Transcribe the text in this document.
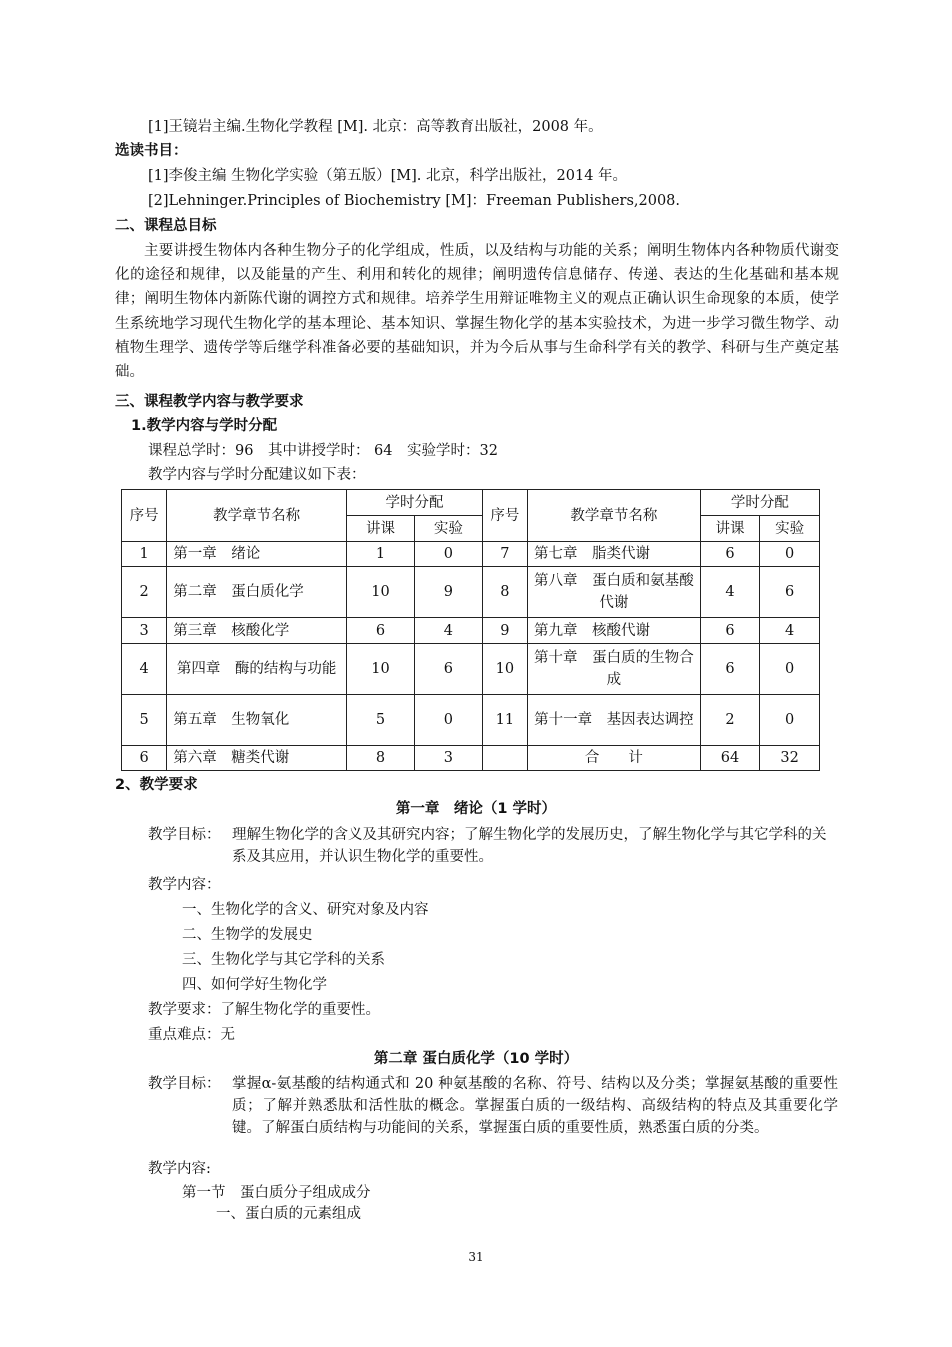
[1]王镜岩主编.生物化学教程 [M]. 北京：高等教育出版社，2008 年。
选读书目：
[1]李俊主编 生物化学实验（第五版）[M]. 北京，科学出版社，2014 年。
[2]Lehninger.Principles of Biochemistry [M]：Freeman Publishers,2008.
二、课程总目标
主要讲授生物体内各种生物分子的化学组成，性质，以及结构与功能的关系；阐明生物体内各种物质代谢变化的途径和规律，以及能量的产生、利用和转化的规律；阐明遗传信息储存、传递、表达的生化基础和基本规律；阐明生物体内新陈代谢的调控方式和规律。培养学生用辩证唯物主义的观点正确认识生命现象的本质，使学生系统地学习现代生物化学的基本理论、基本知识、掌握生物化学的基本实验技术，为进一步学习微生物学、动植物生理学、遗传学等后继学科准备必要的基础知识，并为今后从事与生命科学有关的教学、科研与生产奠定基础。
三、课程教学内容与教学要求
1.教学内容与学时分配
课程总学时：96　其中讲授学时： 64　实验学时：32
教学内容与学时分配建议如下表：
序号	教学章节名称	学时分配		序号	教学章节名称	学时分配	
		讲课	实验			讲课	实验
1	第一章　绪论	1	0	7	第七章　脂类代谢	6	0
2	第二章　蛋白质化学	10	9	8	第八章　蛋白质和氨基酸代谢	4	6
3	第三章　核酸化学	6	4	9	第九章　核酸代谢	6	4
4	第四章　酶的结构与功能	10	6	10	第十章　蛋白质的生物合成	6	0
5	第五章　生物氧化	5	0	11	第十一章　基因表达调控	2	0
6	第六章　糖类代谢	8	3		合　　计	64	32
2、教学要求
第一章　绪论（1 学时）
教学目标： 理解生物化学的含义及其研究内容；了解生物化学的发展历史，了解生物化学与其它学科的关系及其应用，并认识生物化学的重要性。
教学内容：
一、生物化学的含义、研究对象及内容
二、生物学的发展史
三、生物化学与其它学科的关系
四、如何学好生物化学
教学要求：了解生物化学的重要性。
重点难点：无
第二章 蛋白质化学（10 学时）
教学目标： 掌握α-氨基酸的结构通式和 20 种氨基酸的名称、符号、结构以及分类；掌握氨基酸的重要性质；了解并熟悉肽和活性肽的概念。掌握蛋白质的一级结构、高级结构的特点及其重要化学键。了解蛋白质结构与功能间的关系，掌握蛋白质的重要性质，熟悉蛋白质的分类。
教学内容:
第一节　蛋白质分子组成成分
一、蛋白质的元素组成
31
